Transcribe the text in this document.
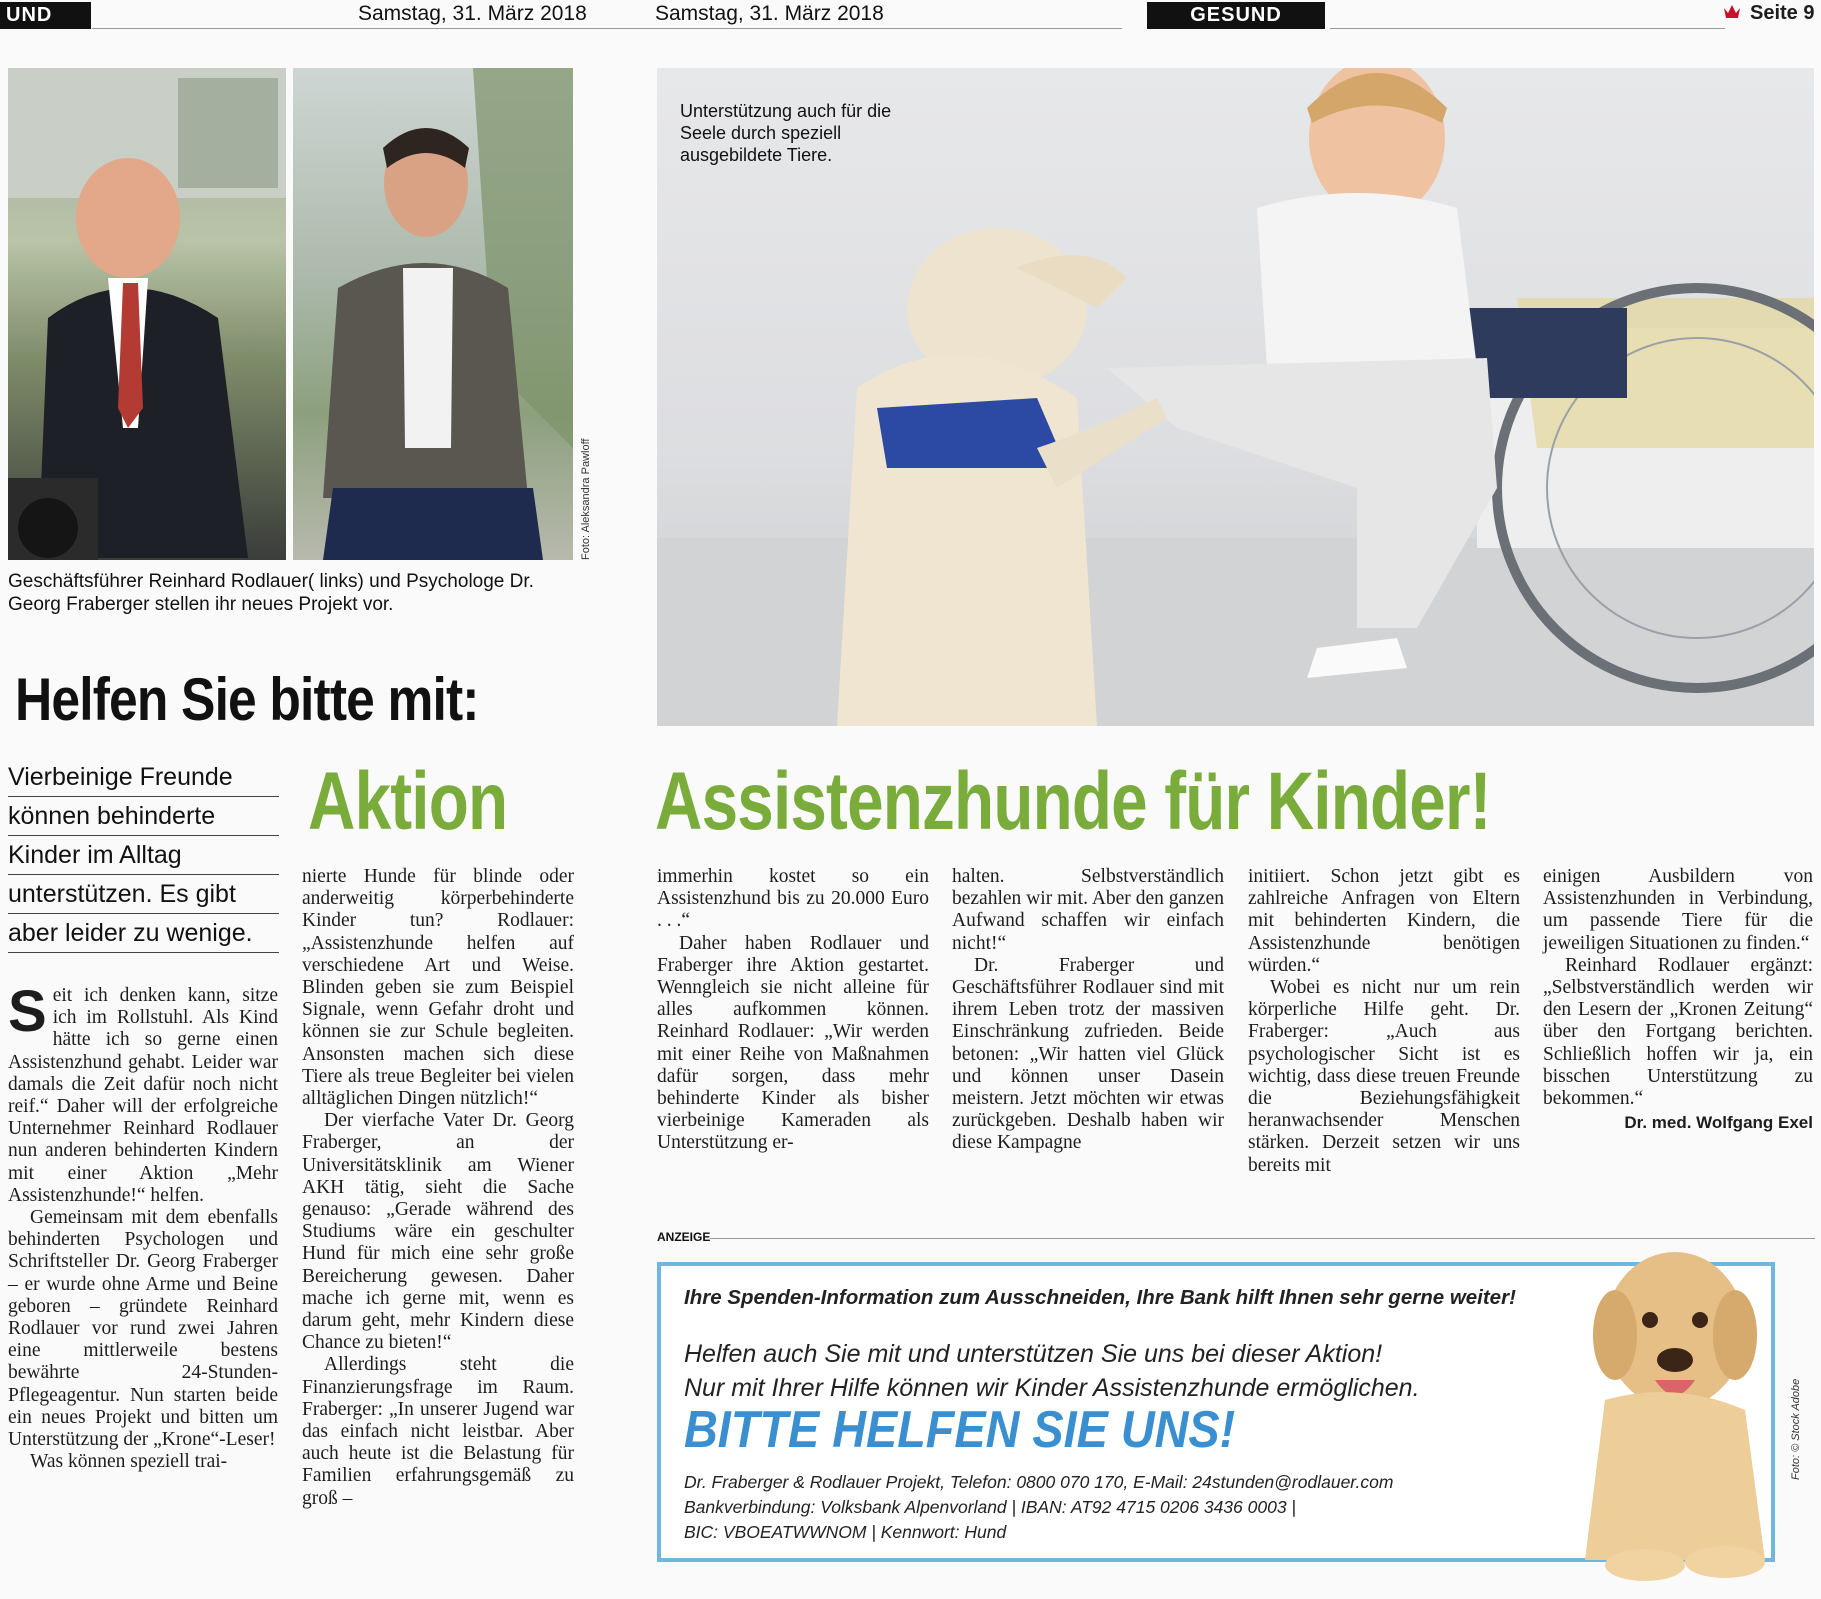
UND	Samstag, 31. März 2018	Samstag, 31. März 2018	GESUND	Seite 9
Foto: Aleksandra Pawloff
Geschäftsführer Reinhard Rodlauer( links) und Psychologe Dr. Georg Fraberger stellen ihr neues Projekt vor.
Unterstützung auch für die Seele durch speziell ausgebildete Tiere.
Helfen Sie bitte mit:
Aktion Assistenzhunde für Kinder!
Vierbeinige Freunde
können behinderte
Kinder im Alltag
unterstützen. Es gibt
aber leider zu wenige.

Seit ich denken kann, sitze ich im Rollstuhl. Als Kind hätte ich so gerne einen Assistenzhund gehabt. Leider war damals die Zeit dafür noch nicht reif.“ Daher will der erfolgreiche Unternehmer Reinhard Rodlauer nun anderen behinderten Kindern mit einer Aktion „Mehr Assistenzhunde!“ helfen.

Gemeinsam mit dem ebenfalls behinderten Psychologen und Schriftsteller Dr. Georg Fraberger – er wurde ohne Arme und Beine geboren – gründete Reinhard Rodlauer vor rund zwei Jahren eine mittlerweile bestens bewährte 24-Stunden-Pflegeagentur. Nun starten beide ein neues Projekt und bitten um Unterstützung der „Krone“-Leser!

Was können speziell trai-

nierte Hunde für blinde oder anderweitig körperbehinderte Kinder tun? Rodlauer: „Assistenzhunde helfen auf verschiedene Art und Weise. Blinden geben sie zum Beispiel Signale, wenn Gefahr droht und können sie zur Schule begleiten. Ansonsten machen sich diese Tiere als treue Begleiter bei vielen alltäglichen Dingen nützlich!“

Der vierfache Vater Dr. Georg Fraberger, an der Universitätsklinik am Wiener AKH tätig, sieht die Sache genauso: „Gerade während des Studiums wäre ein geschulter Hund für mich eine sehr große Bereicherung gewesen. Daher mache ich gerne mit, wenn es darum geht, mehr Kindern diese Chance zu bieten!“

Allerdings steht die Finanzierungsfrage im Raum. Fraberger: „In unserer Jugend war das einfach nicht leistbar. Aber auch heute ist die Belastung für Familien erfahrungsgemäß zu groß –

immerhin kostet so ein Assistenzhund bis zu 20.000 Euro . . .“

Daher haben Rodlauer und Fraberger ihre Aktion gestartet. Wenngleich sie nicht alleine für alles aufkommen können. Reinhard Rodlauer: „Wir werden mit einer Reihe von Maßnahmen dafür sorgen, dass mehr behinderte Kinder als bisher vierbeinige Kameraden als Unterstützung er-

halten. Selbstverständlich bezahlen wir mit. Aber den ganzen Aufwand schaffen wir einfach nicht!“

Dr. Fraberger und Geschäftsführer Rodlauer sind mit ihrem Leben trotz der massiven Einschränkung zufrieden. Beide betonen: „Wir hatten viel Glück und können unser Dasein meistern. Jetzt möchten wir etwas zurückgeben. Deshalb haben wir diese Kampagne

initiiert. Schon jetzt gibt es zahlreiche Anfragen von Eltern mit behinderten Kindern, die Assistenzhunde benötigen würden.“

Wobei es nicht nur um rein körperliche Hilfe geht. Dr. Fraberger: „Auch aus psychologischer Sicht ist es wichtig, dass diese treuen Freunde die Beziehungsfähigkeit heranwachsender Menschen stärken. Derzeit setzen wir uns bereits mit

einigen Ausbildern von Assistenzhunden in Verbindung, um passende Tiere für die jeweiligen Situationen zu finden.“

Reinhard Rodlauer ergänzt: „Selbstverständlich werden wir den Lesern der „Kronen Zeitung“ über den Fortgang berichten. Schließlich hoffen wir ja, ein bisschen Unterstützung zu bekommen.“

Dr. med. Wolfgang Exel
ANZEIGE
Ihre Spenden-Information zum Ausschneiden, Ihre Bank hilft Ihnen sehr gerne weiter!
Helfen auch Sie mit und unterstützen Sie uns bei dieser Aktion!
Nur mit Ihrer Hilfe können wir Kinder Assistenzhunde ermöglichen.
BITTE HELFEN SIE UNS!
Dr. Fraberger & Rodlauer Projekt, Telefon: 0800 070 170, E-Mail: 24stunden@rodlauer.com
Bankverbindung: Volksbank Alpenvorland | IBAN: AT92 4715 0206 3436 0003 |
BIC: VBOEATWWNOM | Kennwort: Hund
Foto: © Stock Adobe
